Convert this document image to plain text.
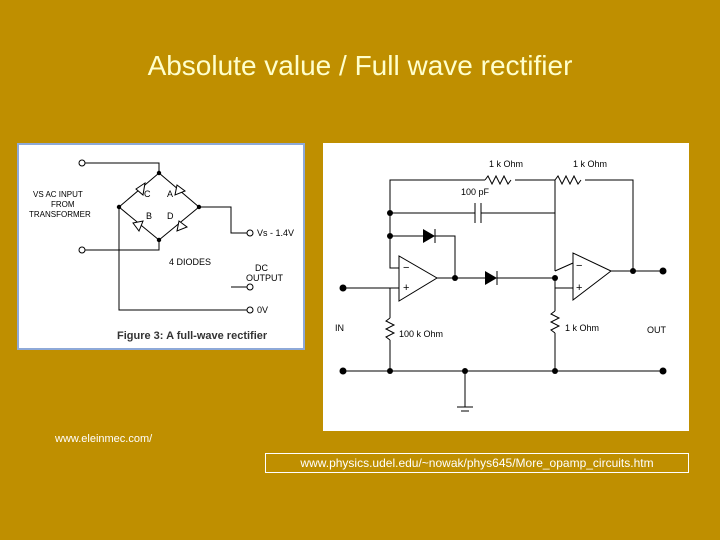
Absolute value / Full wave rectifier
VS AC INPUT
FROM
TRANSFORMER
C A
B D
Vs - 1.4V
4 DIODES
DC
OUTPUT
0V
Figure 3: A full-wave rectifier
1 k Ohm	1 k Ohm
100 pF
100 k Ohm
1 k Ohm
IN	OUT
−
+
−
+
www.eleinmec.com/
www.physics.udel.edu/~nowak/phys645/More_opamp_circuits.htm
